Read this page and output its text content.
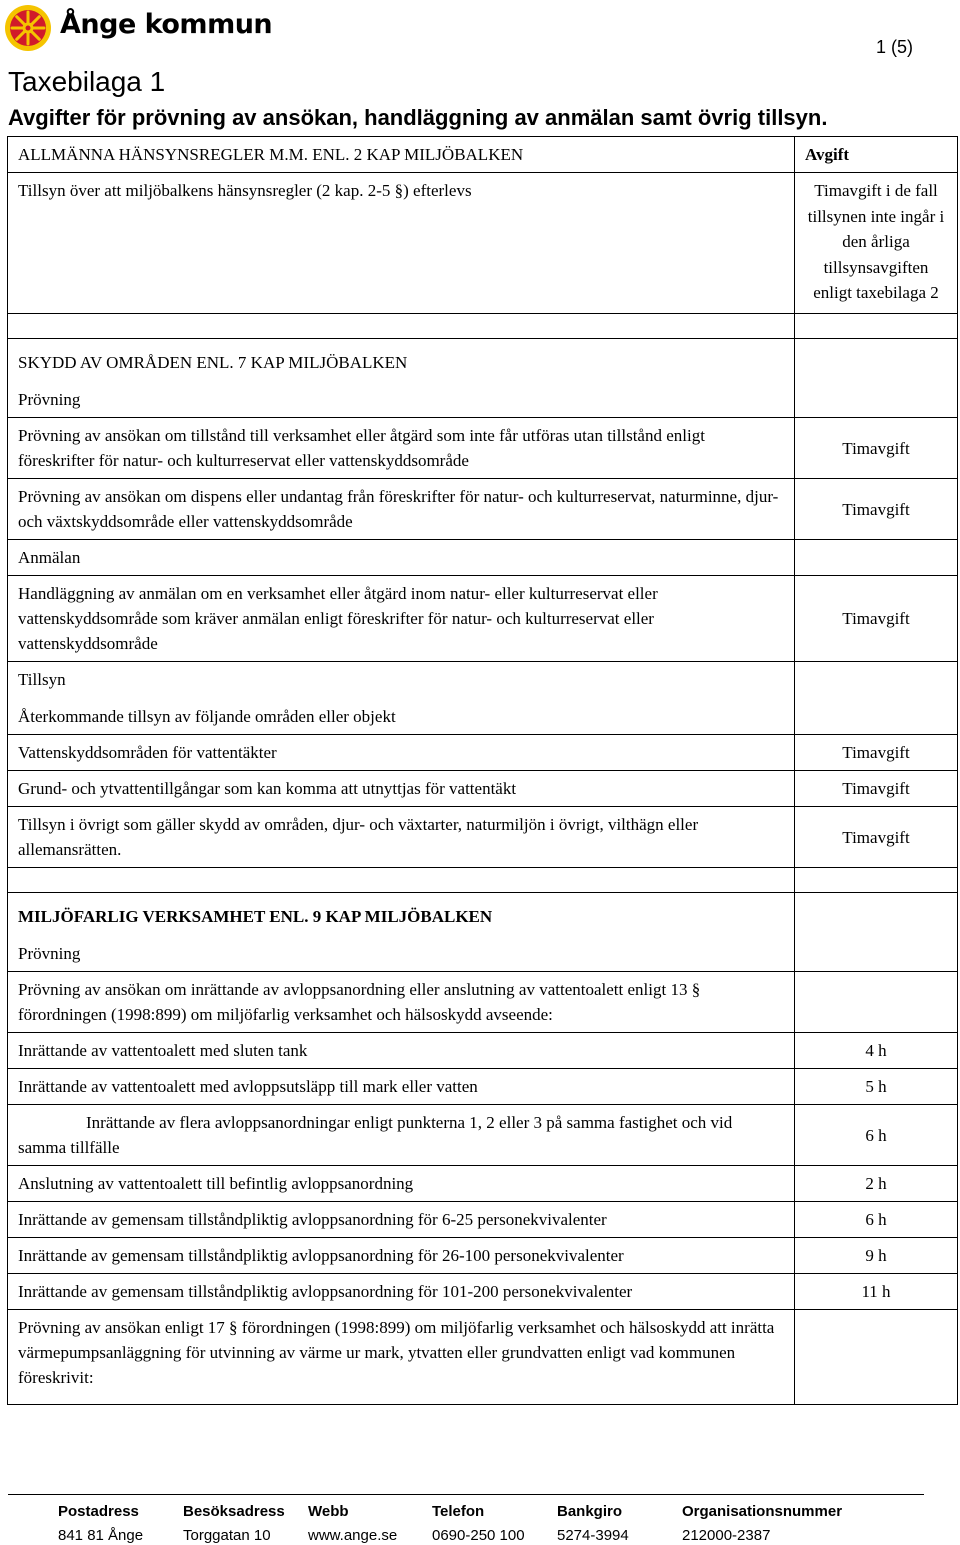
Ånge kommun
1 (5)
Taxebilaga 1
Avgifter för prövning av ansökan, handläggning av anmälan samt övrig tillsyn.
ALLMÄNNA HÄNSYNSREGLER M.M. ENL. 2 KAP MILJÖBALKEN	Avgift
Tillsyn över att miljöbalkens hänsynsregler (2 kap. 2-5 §) efterlevs	Timavgift i de fall tillsynen inte ingår i den årliga tillsynsavgiften enligt taxebilaga 2

SKYDD AV OMRÅDEN ENL. 7 KAP MILJÖBALKEN
Prövning	

Prövning av ansökan om tillstånd till verksamhet eller åtgärd som inte får utföras utan tillstånd enligt föreskrifter för natur- och kulturreservat eller vattenskyddsområde	Timavgift
Prövning av ansökan om dispens eller undantag från föreskrifter för natur- och kulturreservat, naturminne, djur- och växtskyddsområde eller vattenskyddsområde	Timavgift
Anmälan	
Handläggning av anmälan om en verksamhet eller åtgärd inom natur- eller kulturreservat eller vattenskyddsområde som kräver anmälan enligt föreskrifter för natur- och kulturreservat eller vattenskyddsområde	Timavgift

Tillsyn
Återkommande tillsyn av följande områden eller objekt	

Vattenskyddsområden för vattentäkter	Timavgift
Grund- och ytvattentillgångar som kan komma att utnyttjas för vattentäkt	Timavgift
Tillsyn i övrigt som gäller skydd av områden, djur- och växtarter, naturmiljön i övrigt, vilthägn eller allemansrätten.	Timavgift

MILJÖFARLIG VERKSAMHET ENL. 9 KAP MILJÖBALKEN
Prövning	

Prövning av ansökan om inrättande av avloppsanordning eller anslutning av vattentoalett enligt 13 § förordningen (1998:899) om miljöfarlig verksamhet och hälsoskydd avseende:	
Inrättande av vattentoalett med sluten tank	4 h
Inrättande av vattentoalett med avloppsutsläpp till mark eller vatten	5 h
Inrättande av flera avloppsanordningar enligt punkterna 1, 2 eller 3 på samma fastighet och vid samma tillfälle	6 h
Anslutning av vattentoalett till befintlig avloppsanordning	2 h
Inrättande av gemensam tillståndpliktig avloppsanordning för 6-25 personekvivalenter	6 h
Inrättande av gemensam tillståndpliktig avloppsanordning för 26-100 personekvivalenter	9 h
Inrättande av gemensam tillståndpliktig avloppsanordning för 101-200 personekvivalenter	11 h
Prövning av ansökan enligt 17 § förordningen (1998:899) om miljöfarlig verksamhet och hälsoskydd att inrätta värmepumpsanläggning för utvinning av värme ur mark, ytvatten eller grundvatten enligt vad kommunen föreskrivit:	
Postadress	Besöksadress Webb	Telefon	Bankgiro	Organisationsnummer
841 81 Ånge	Torggatan 10 www.ange.se 0690-250 100 5274-3994	212000-2387
